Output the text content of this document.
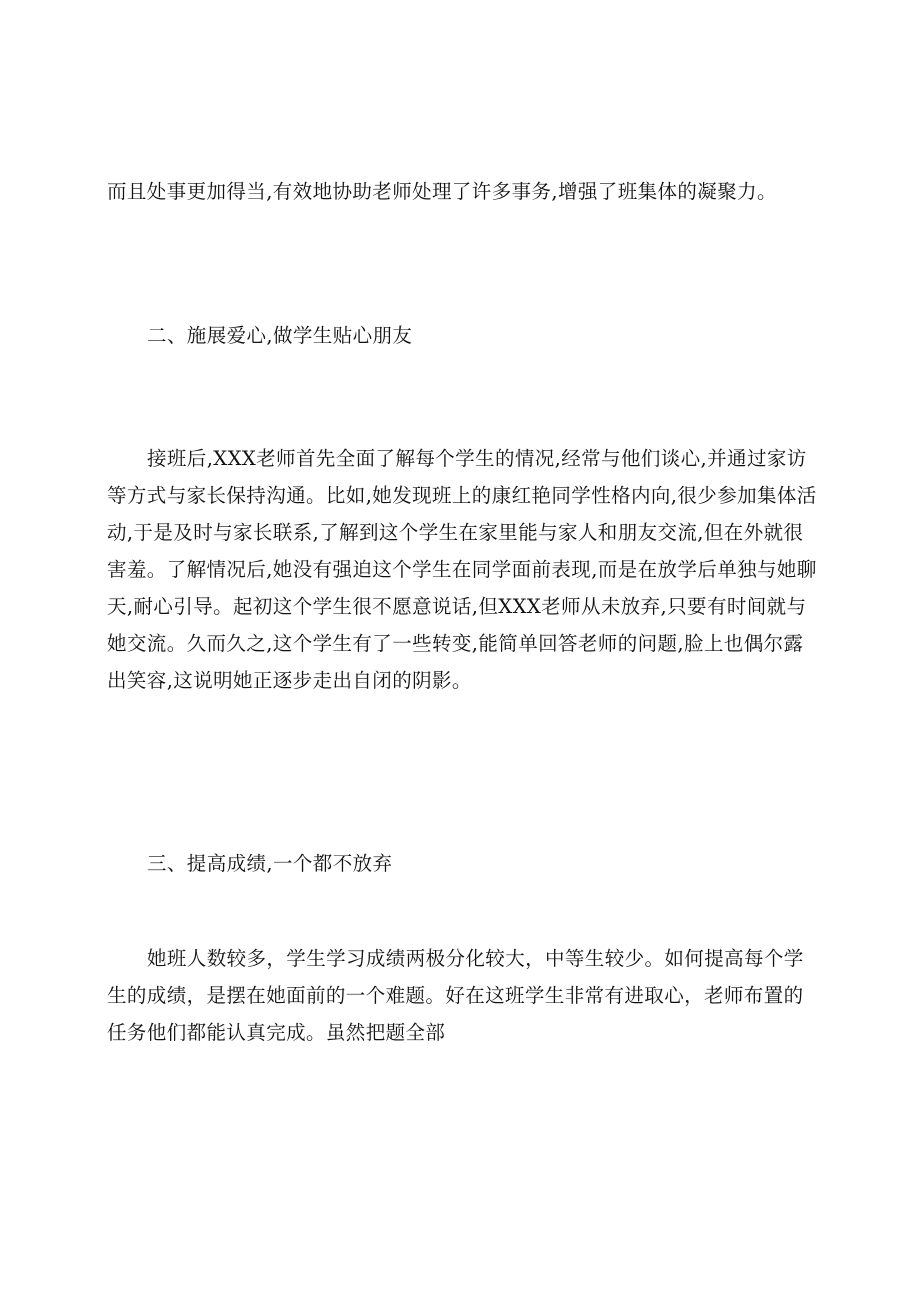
而且处事更加得当,有效地协助老师处理了许多事务,增强了班集体的凝聚力。

二、施展爱心,做学生贴心朋友

接班后,XXX老师首先全面了解每个学生的情况,经常与他们谈心,并通过家访等方式与家长保持沟通。比如,她发现班上的康红艳同学性格内向,很少参加集体活动,于是及时与家长联系,了解到这个学生在家里能与家人和朋友交流,但在外就很害羞。了解情况后,她没有强迫这个学生在同学面前表现,而是在放学后单独与她聊天,耐心引导。起初这个学生很不愿意说话,但XXX老师从未放弃,只要有时间就与她交流。久而久之,这个学生有了一些转变,能简单回答老师的问题,脸上也偶尔露出笑容,这说明她正逐步走出自闭的阴影。

三、提高成绩,一个都不放弃

她班人数较多，学生学习成绩两极分化较大，中等生较少。如何提高每个学生的成绩，是摆在她面前的一个难题。好在这班学生非常有进取心，老师布置的任务他们都能认真完成。虽然把题全部
